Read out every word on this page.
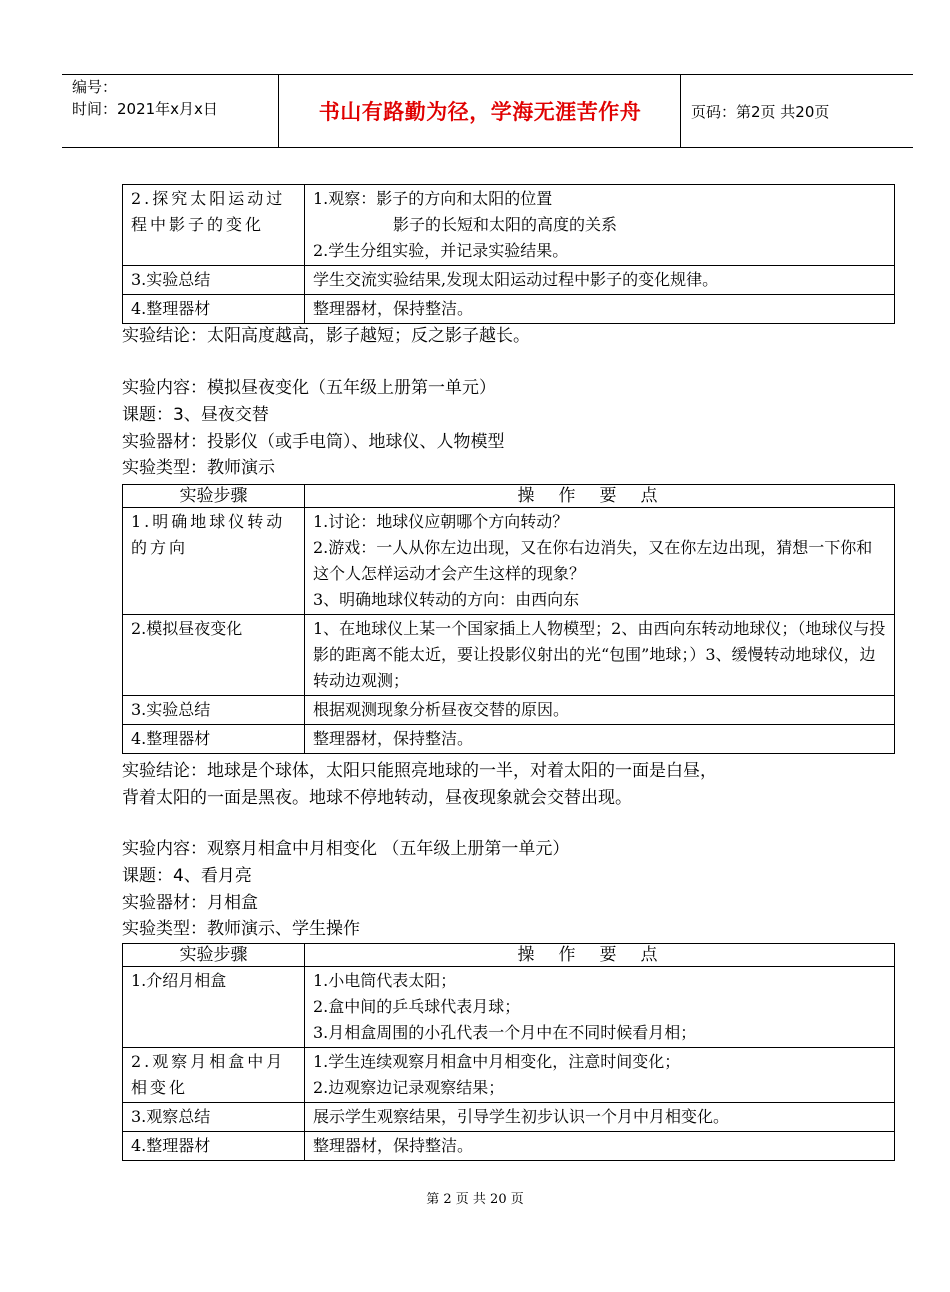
编号：
时间：2021年x月x日	书山有路勤为径，学海无涯苦作舟	页码：第2页 共20页
2.探究太阳运动过程中影子的变化	1.观察：影子的方向和太阳的位置
影子的长短和太阳的高度的关系
2.学生分组实验，并记录实验结果。

3.实验总结	学生交流实验结果,发现太阳运动过程中影子的变化规律。
4.整理器材	整理器材，保持整洁。
实验结论：太阳高度越高，影子越短；反之影子越长。
实验内容：模拟昼夜变化（五年级上册第一单元）
课题：3、昼夜交替
实验器材：投影仪（或手电筒）、地球仪、人物模型
实验类型：教师演示
实验步骤	操作要点
1.明确地球仪转动的方向	1.讨论：地球仪应朝哪个方向转动？
2.游戏：一人从你左边出现，又在你右边消失，又在你左边出现，猜想一下你和这个人怎样运动才会产生这样的现象？
3、明确地球仪转动的方向：由西向东

2.模拟昼夜变化	1、在地球仪上某一个国家插上人物模型；2、由西向东转动地球仪；（地球仪与投影的距离不能太近，要让投影仪射出的光“包围”地球；）3、缓慢转动地球仪，边转动边观测；
3.实验总结	根据观测现象分析昼夜交替的原因。
4.整理器材	整理器材，保持整洁。
实验结论：地球是个球体，太阳只能照亮地球的一半，对着太阳的一面是白昼，
背着太阳的一面是黑夜。地球不停地转动，昼夜现象就会交替出现。
实验内容：观察月相盒中月相变化 （五年级上册第一单元）
课题：4、看月亮
实验器材：月相盒
实验类型：教师演示、学生操作
实验步骤	操作要点
1.介绍月相盒	1.小电筒代表太阳；
2.盒中间的乒乓球代表月球；
3.月相盒周围的小孔代表一个月中在不同时候看月相；

2.观察月相盒中月相变化	1.学生连续观察月相盒中月相变化，注意时间变化；
2.边观察边记录观察结果；

3.观察总结	展示学生观察结果，引导学生初步认识一个月中月相变化。
4.整理器材	整理器材，保持整洁。
第 2 页 共 20 页
